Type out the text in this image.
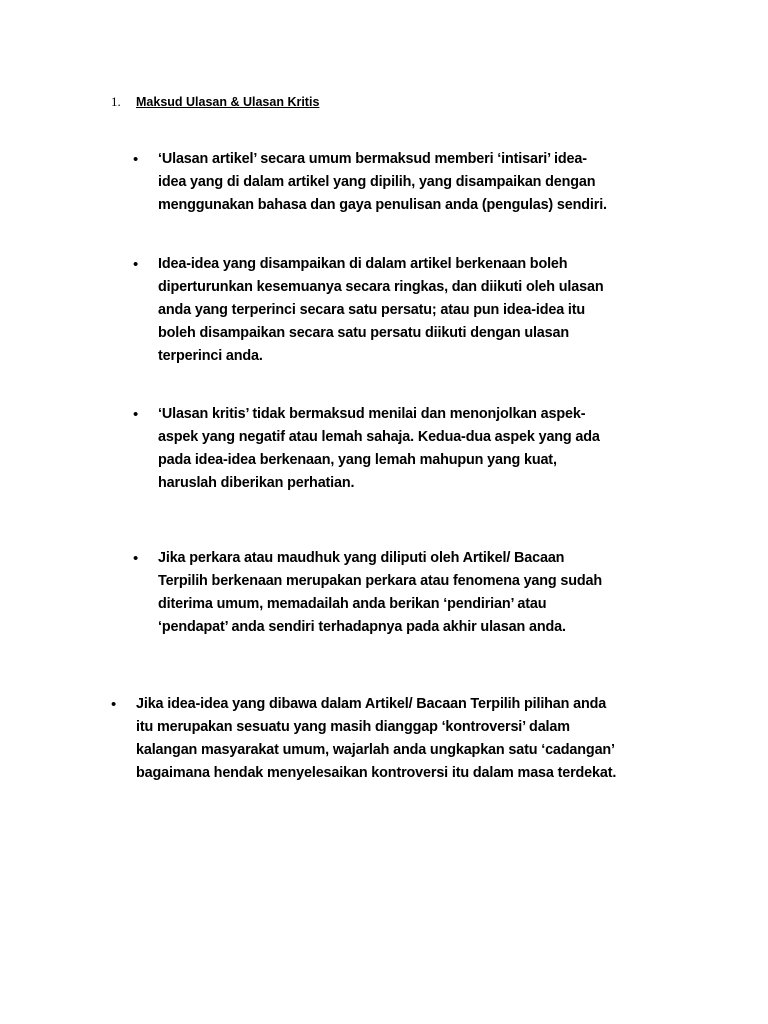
1.	Maksud Ulasan & Ulasan Kritis
•	‘Ulasan artikel’ secara umum bermaksud memberi ‘intisari’ idea-
idea yang di dalam artikel yang dipilih, yang disampaikan dengan
menggunakan bahasa dan gaya penulisan anda (pengulas) sendiri.
•	Idea-idea yang disampaikan di dalam artikel berkenaan boleh
diperturunkan kesemuanya secara ringkas, dan diikuti oleh ulasan
anda yang terperinci secara satu persatu; atau pun idea-idea itu
boleh disampaikan secara satu persatu diikuti dengan ulasan
terperinci anda.
•	‘Ulasan kritis’ tidak bermaksud menilai dan menonjolkan aspek-
aspek yang negatif atau lemah sahaja. Kedua-dua aspek yang ada
pada idea-idea berkenaan, yang lemah mahupun yang kuat,
haruslah diberikan perhatian.
•	Jika perkara atau maudhuk yang diliputi oleh Artikel/ Bacaan
Terpilih berkenaan merupakan perkara atau fenomena yang sudah
diterima umum, memadailah anda berikan ‘pendirian’ atau
‘pendapat’ anda sendiri terhadapnya pada akhir ulasan anda.
•	Jika idea-idea yang dibawa dalam Artikel/ Bacaan Terpilih pilihan anda
itu merupakan sesuatu yang masih dianggap ‘kontroversi’ dalam
kalangan masyarakat umum, wajarlah anda ungkapkan satu ‘cadangan’
bagaimana hendak menyelesaikan kontroversi itu dalam masa terdekat.
